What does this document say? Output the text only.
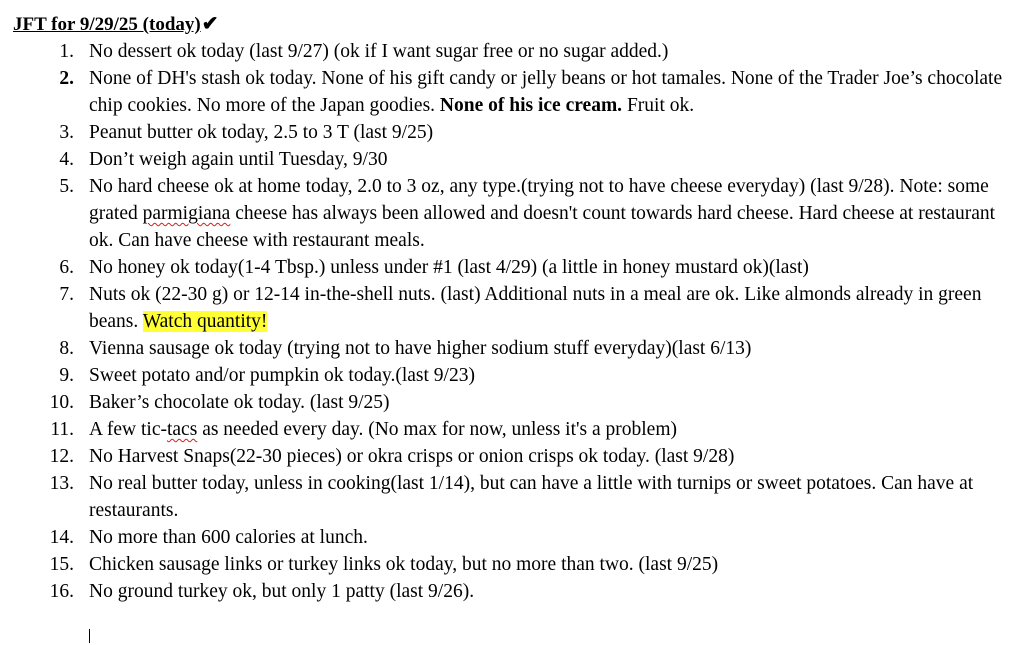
JFT for 9/29/25 (today)✔
1. No dessert ok today (last 9/27) (ok if I want sugar free or no sugar added.)
2. None of DH's stash ok today. None of his gift candy or jelly beans or hot tamales. None of the Trader Joe’s chocolate chip cookies. No more of the Japan goodies. None of his ice cream. Fruit ok.
3. Peanut butter ok today, 2.5 to 3 T (last 9/25)
4. Don’t weigh again until Tuesday, 9/30
5. No hard cheese ok at home today, 2.0 to 3 oz, any type.(trying not to have cheese everyday) (last 9/28). Note: some grated parmigiana cheese has always been allowed and doesn't count towards hard cheese. Hard cheese at restaurant ok. Can have cheese with restaurant meals.
6. No honey ok today(1-4 Tbsp.) unless under #1 (last 4/29) (a little in honey mustard ok)(last)
7. Nuts ok (22-30 g) or 12-14 in-the-shell nuts. (last) Additional nuts in a meal are ok. Like almonds already in green beans. Watch quantity!
8. Vienna sausage ok today (trying not to have higher sodium stuff everyday)(last 6/13)
9. Sweet potato and/or pumpkin ok today.(last 9/23)
10. Baker’s chocolate ok today. (last 9/25)
11. A few tic-tacs as needed every day. (No max for now, unless it's a problem)
12. No Harvest Snaps(22-30 pieces) or okra crisps or onion crisps ok today. (last 9/28)
13. No real butter today, unless in cooking(last 1/14), but can have a little with turnips or sweet potatoes. Can have at restaurants.
14. No more than 600 calories at lunch.
15. Chicken sausage links or turkey links ok today, but no more than two. (last 9/25)
16. No ground turkey ok, but only 1 patty (last 9/26).
